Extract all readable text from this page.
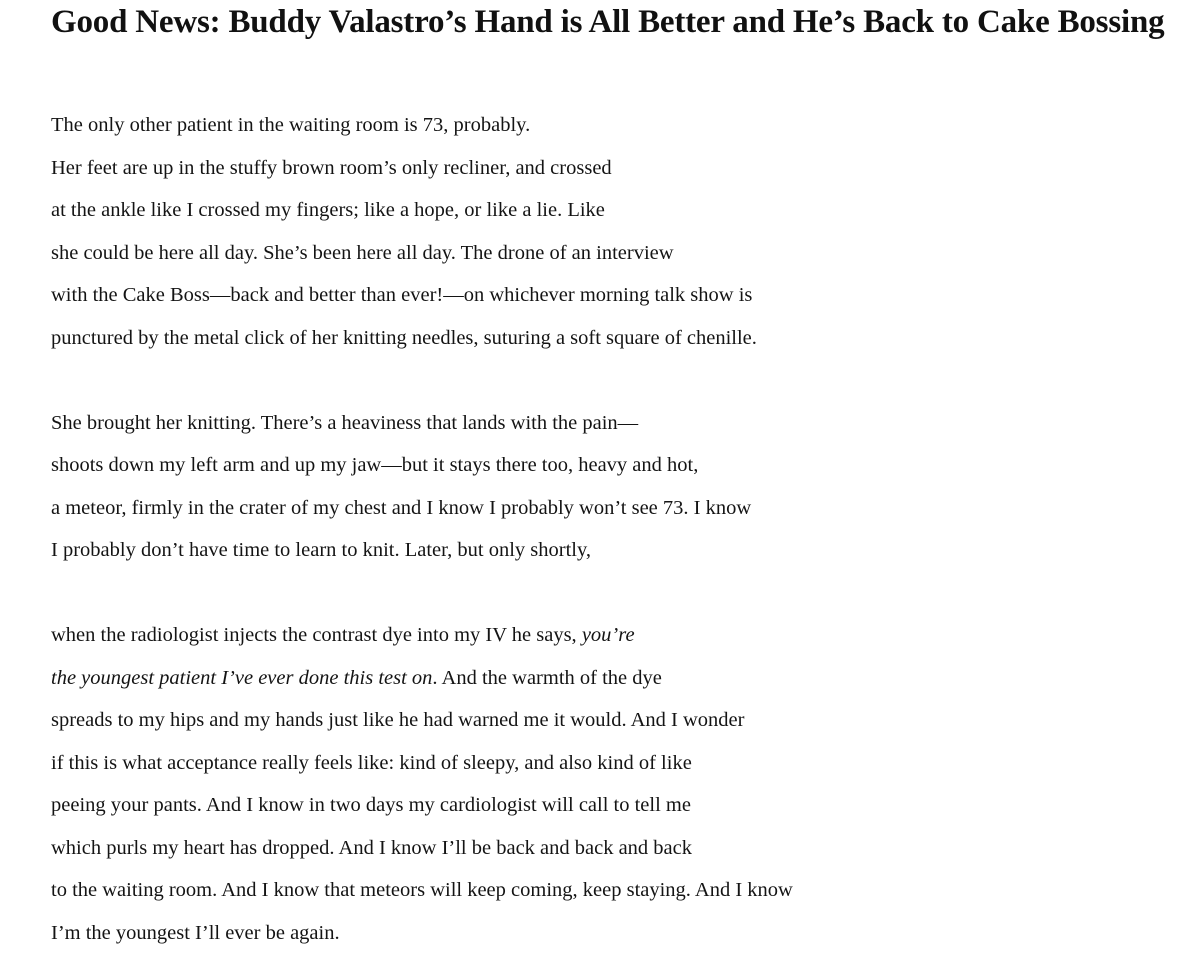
Good News: Buddy Valastro’s Hand is All Better and He’s Back to Cake Bossing
The only other patient in the waiting room is 73, probably.
Her feet are up in the stuffy brown room’s only recliner, and crossed
at the ankle like I crossed my fingers; like a hope, or like a lie. Like
she could be here all day. She’s been here all day. The drone of an interview
with the Cake Boss—back and better than ever!—on whichever morning talk show is
punctured by the metal click of her knitting needles, suturing a soft square of chenille.
She brought her knitting. There’s a heaviness that lands with the pain—
shoots down my left arm and up my jaw—but it stays there too, heavy and hot,
a meteor, firmly in the crater of my chest and I know I probably won’t see 73. I know
I probably don’t have time to learn to knit. Later, but only shortly,
when the radiologist injects the contrast dye into my IV he says, you’re
the youngest patient I’ve ever done this test on. And the warmth of the dye
spreads to my hips and my hands just like he had warned me it would. And I wonder
if this is what acceptance really feels like: kind of sleepy, and also kind of like
peeing your pants. And I know in two days my cardiologist will call to tell me
which purls my heart has dropped. And I know I’ll be back and back and back
to the waiting room. And I know that meteors will keep coming, keep staying. And I know
I’m the youngest I’ll ever be again.
